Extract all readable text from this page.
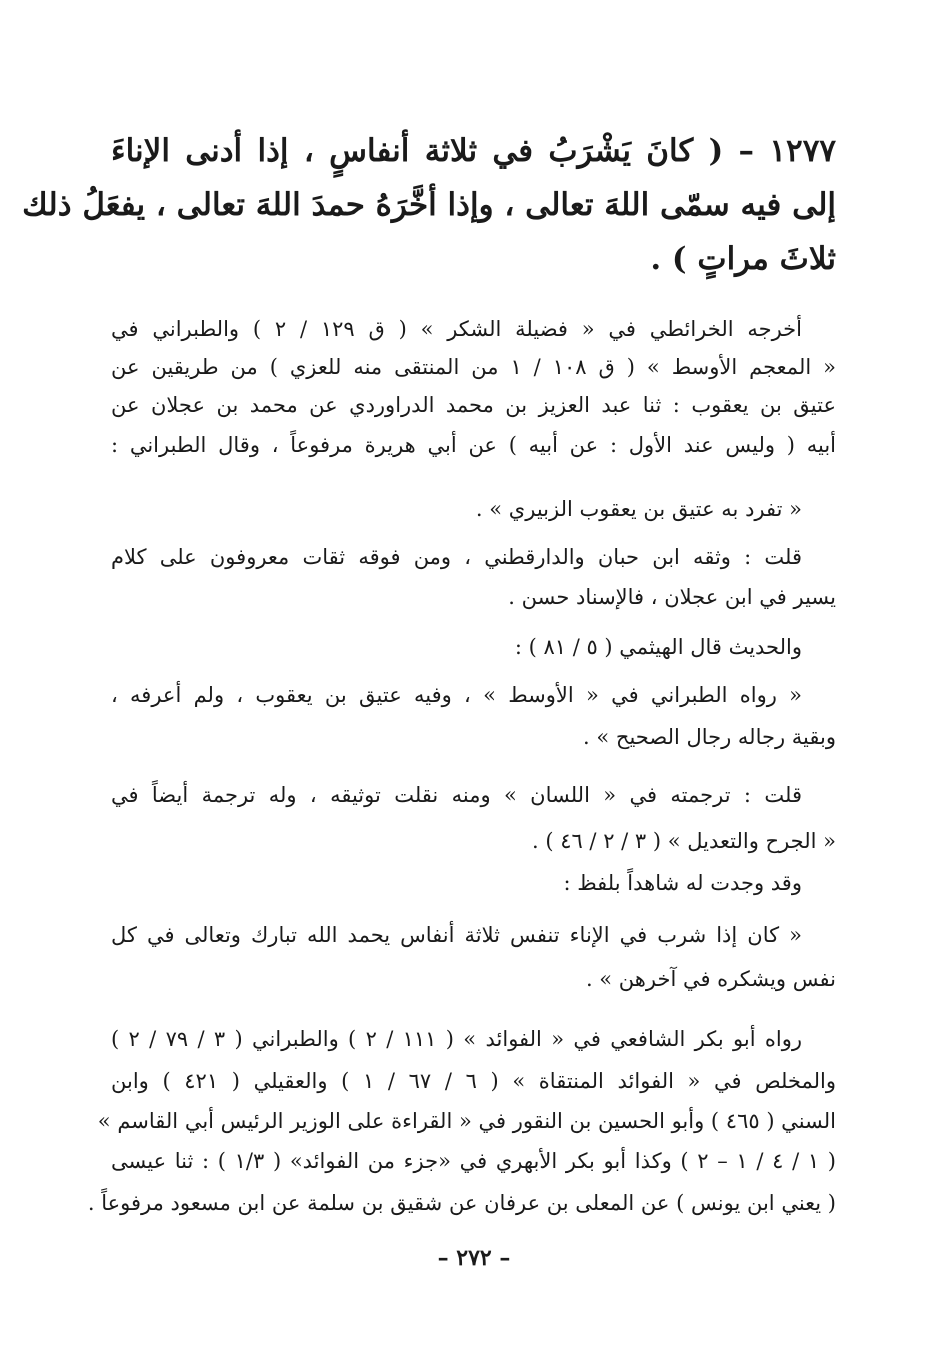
١٢٧٧ – ( كانَ يَشْرَبُ في ثلاثة أنفاسٍ ، إذا أدنى الإناءَ
إلى فيه سمّى اللهَ تعالى ، وإذا أخَّرَهُ حمدَ اللهَ تعالى ، يفعَلُ ذلك
ثلاثَ مراتٍ ) .
أخرجه الخرائطي في « فضيلة الشكر » ( ق ١٢٩ / ٢ ) والطبراني في
« المعجم الأوسط » ( ق ١٠٨ / ١ من المنتقى منه للعزي ) من طريقين عن
عتيق بن يعقوب : ثنا عبد العزيز بن محمد الدراوردي عن محمد بن عجلان عن
أبيه ( وليس عند الأول : عن أبيه ) عن أبي هريرة مرفوعاً ، وقال الطبراني :
« تفرد به عتيق بن يعقوب الزبيري » .
قلت : وثقه ابن حبان والدارقطني ، ومن فوقه ثقات معروفون على كلام
يسير في ابن عجلان ، فالإسناد حسن .
والحديث قال الهيثمي ( ٥ / ٨١ ) :
« رواه الطبراني في « الأوسط » ، وفيه عتيق بن يعقوب ، ولم أعرفه ،
وبقية رجاله رجال الصحيح » .
قلت : ترجمته في « اللسان » ومنه نقلت توثيقه ، وله ترجمة أيضاً في
« الجرح والتعديل » ( ٣ / ٢ / ٤٦ ) .
وقد وجدت له شاهداً بلفظ :
« كان إذا شرب في الإناء تنفس ثلاثة أنفاس يحمد الله تبارك وتعالى في كل
نفس ويشكره في آخرهن » .
رواه أبو بكر الشافعي في « الفوائد » ( ١١١ / ٢ ) والطبراني ( ٣ / ٧٩ / ٢ )
والمخلص في « الفوائد المنتقاة » ( ٦ / ٦٧ / ١ ) والعقيلي ( ٤٢١ ) وابن
السني ( ٤٦٥ ) وأبو الحسين بن النقور في « القراءة على الوزير الرئيس أبي القاسم »
( ١ / ٤ / ١ – ٢ ) وكذا أبو بكر الأبهري في «جزء من الفوائد» ( ١/٣ ) : ثنا عيسى
( يعني ابن يونس ) عن المعلى بن عرفان عن شقيق بن سلمة عن ابن مسعود مرفوعاً .
– ٢٧٢ –
